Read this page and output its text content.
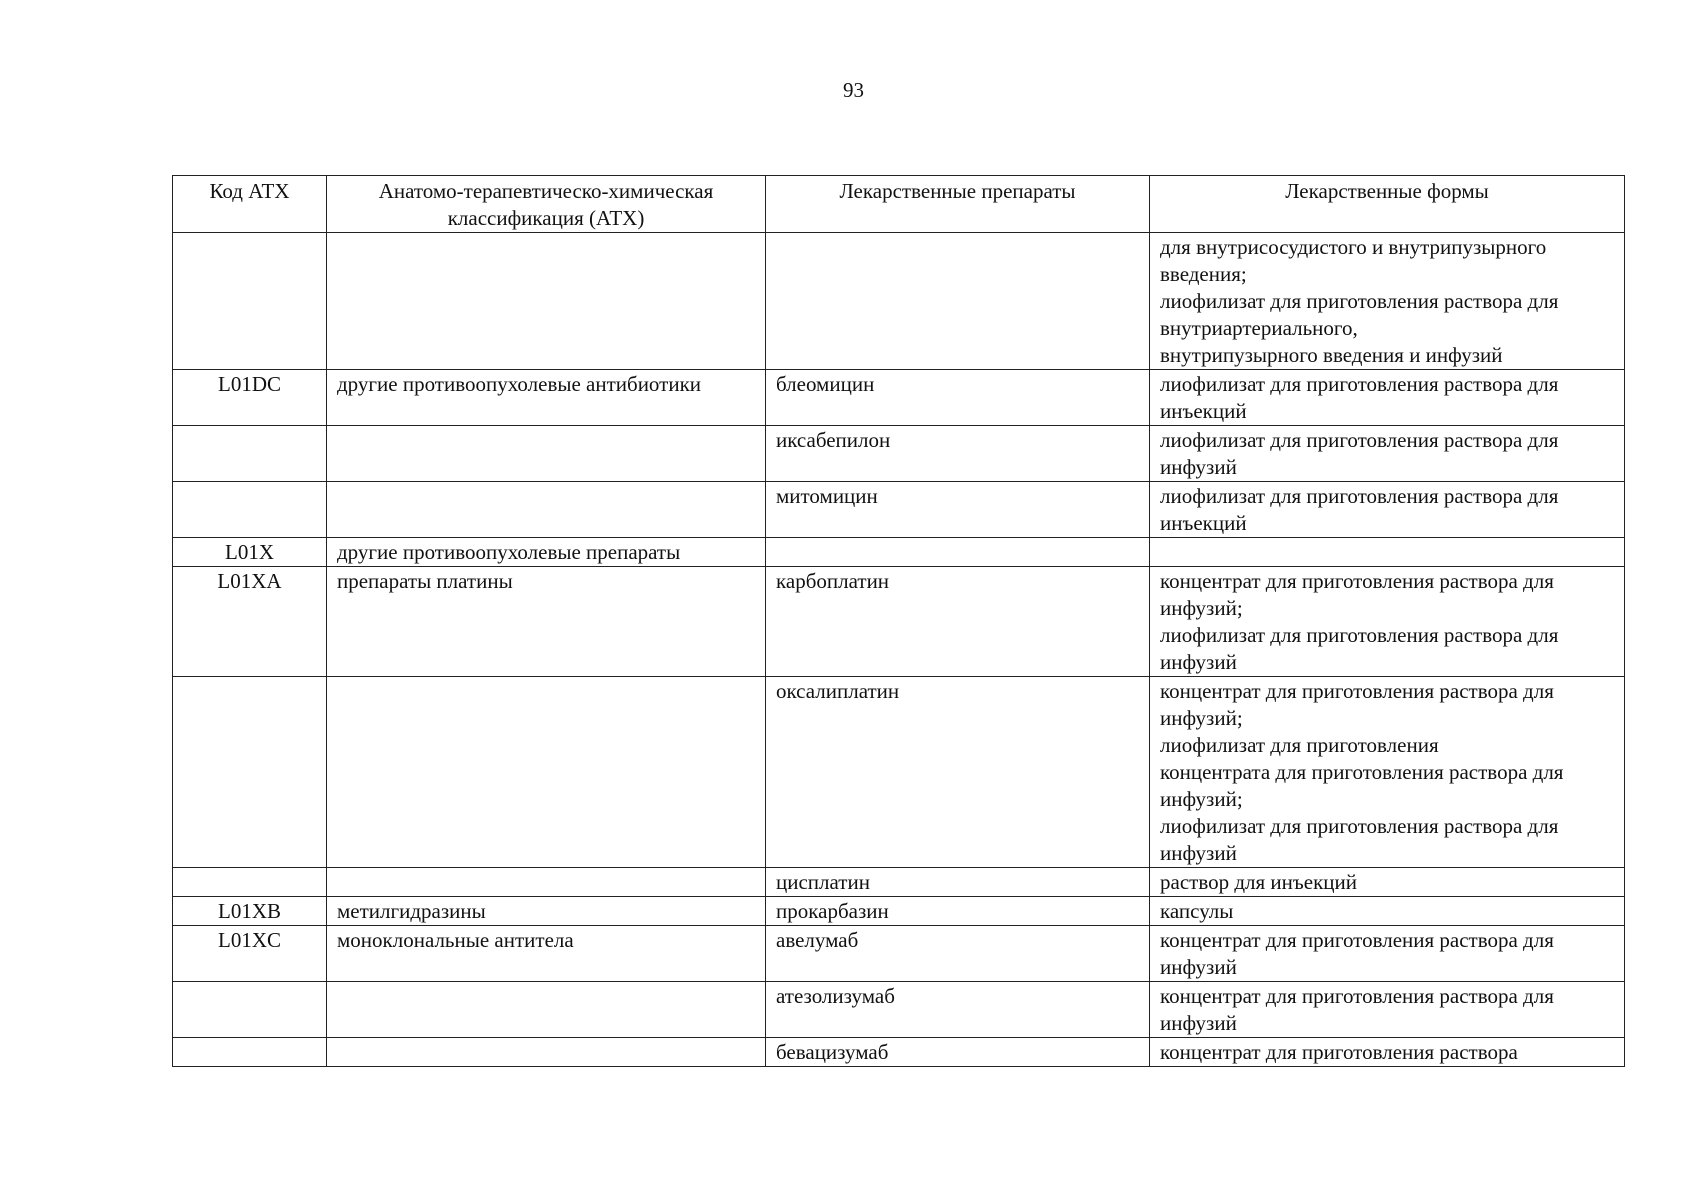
93
Код АТХ	Анатомо-терапевтическо-химическая классификация (АТХ)	Лекарственные препараты	Лекарственные формы
			для внутрисосудистого и внутрипузырного введения;
лиофилизат для приготовления раствора для внутриартериального,
внутрипузырного введения и инфузий
L01DC	другие противоопухолевые антибиотики	блеомицин	лиофилизат для приготовления раствора для инъекций
		иксабепилон	лиофилизат для приготовления раствора для инфузий
		митомицин	лиофилизат для приготовления раствора для инъекций
L01X	другие противоопухолевые препараты		
L01XA	препараты платины	карбоплатин	концентрат для приготовления раствора для инфузий;
лиофилизат для приготовления раствора для инфузий
		оксалиплатин	концентрат для приготовления раствора для инфузий;
лиофилизат для приготовления
концентрата для приготовления раствора для инфузий;
лиофилизат для приготовления раствора для инфузий
		цисплатин	раствор для инъекций
L01XB	метилгидразины	прокарбазин	капсулы
L01XC	моноклональные антитела	авелумаб	концентрат для приготовления раствора для инфузий
		атезолизумаб	концентрат для приготовления раствора для инфузий
		бевацизумаб	концентрат для приготовления раствора
